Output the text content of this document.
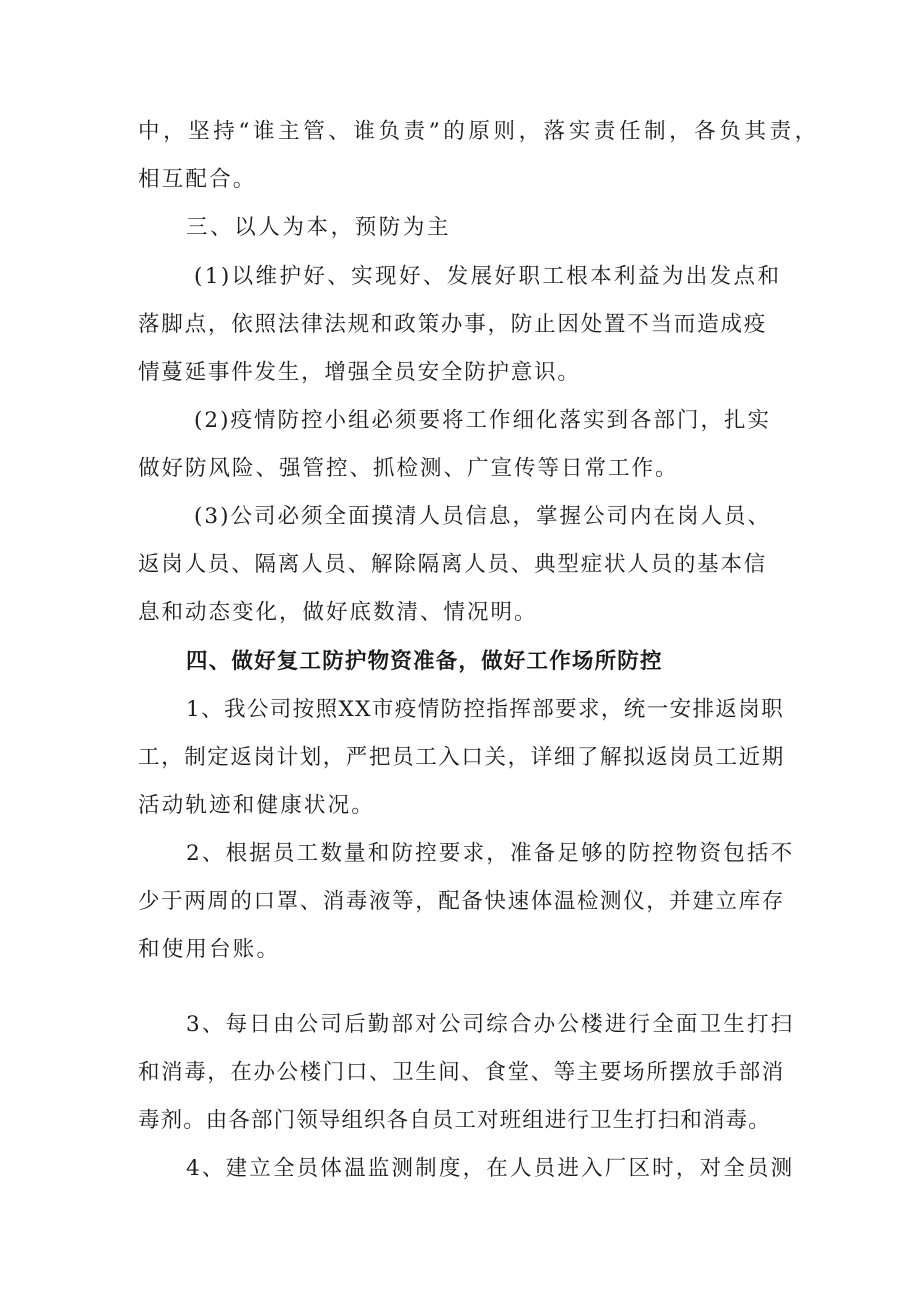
中，坚持“谁主管、谁负责”的原则，落实责任制，各负其责，
相互配合。
三、以人为本，预防为主
(1)以维护好、实现好、发展好职工根本利益为出发点和
落脚点，依照法律法规和政策办事，防止因处置不当而造成疫
情蔓延事件发生，增强全员安全防护意识。
(2)疫情防控小组必须要将工作细化落实到各部门，扎实
做好防风险、强管控、抓检测、广宣传等日常工作。
(3)公司必须全面摸清人员信息，掌握公司内在岗人员、
返岗人员、隔离人员、解除隔离人员、典型症状人员的基本信
息和动态变化，做好底数清、情况明。
四、做好复工防护物资准备，做好工作场所防控
1、我公司按照XX市疫情防控指挥部要求，统一安排返岗职
工，制定返岗计划，严把员工入口关，详细了解拟返岗员工近期
活动轨迹和健康状况。
2、根据员工数量和防控要求，准备足够的防控物资包括不
少于两周的口罩、消毒液等，配备快速体温检测仪，并建立库存
和使用台账。
3、每日由公司后勤部对公司综合办公楼进行全面卫生打扫
和消毒，在办公楼门口、卫生间、食堂、等主要场所摆放手部消
毒剂。由各部门领导组织各自员工对班组进行卫生打扫和消毒。
4、建立全员体温监测制度，在人员进入厂区时，对全员测
